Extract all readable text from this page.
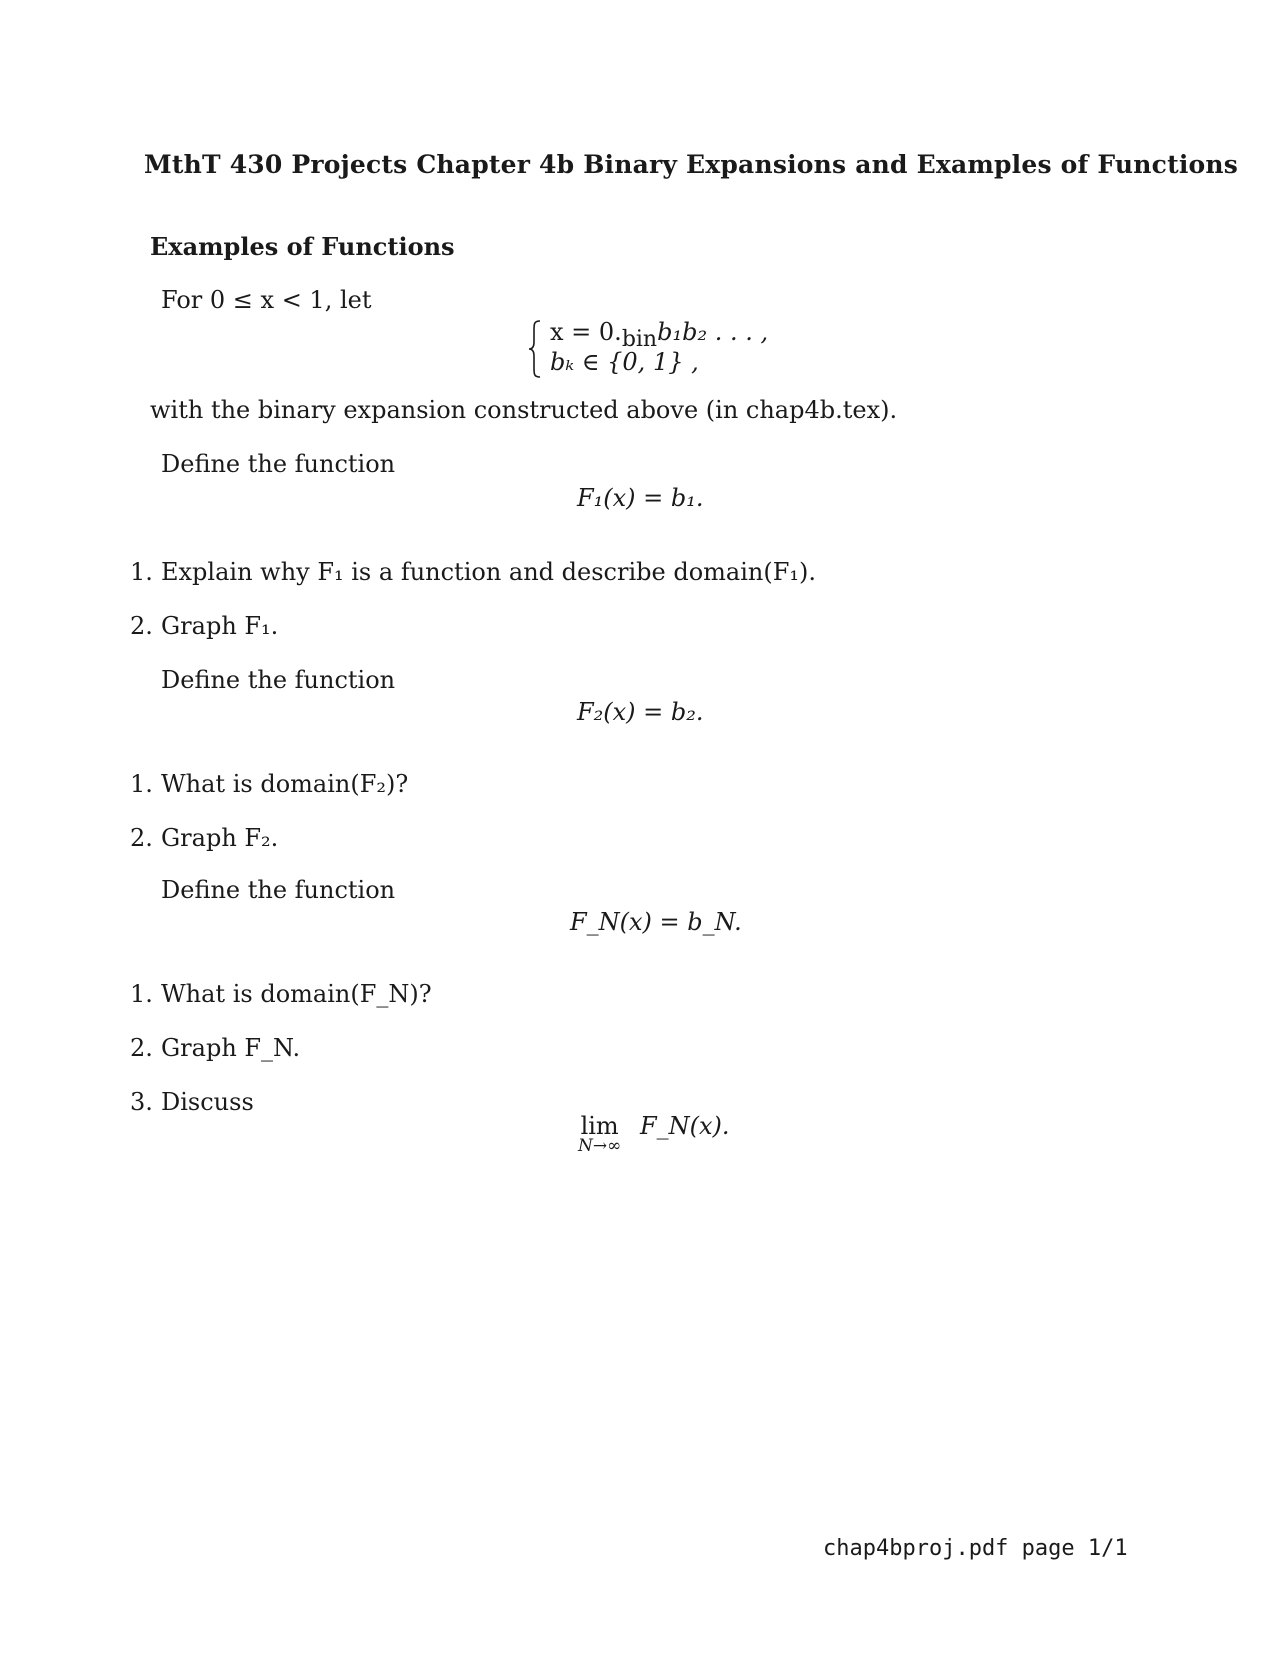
MthT 430 Projects Chapter 4b Binary Expansions and Examples of Functions
Examples of Functions
For 0 ≤ x < 1, let
x = 0.binb₁b₂ . . . ,
bₖ ∈ {0, 1} ,
with the binary expansion constructed above (in chap4b.tex).
Define the function
F₁(x) = b₁.
1. Explain why F₁ is a function and describe domain(F₁).
2. Graph F₁.
Define the function
F₂(x) = b₂.
1. What is domain(F₂)?
2. Graph F₂.
Define the function
F_N(x) = b_N.
1. What is domain(F_N)?
2. Graph F_N.
3. Discuss
lim
N→∞
F_N(x).
chap4bproj.pdf page 1/1
